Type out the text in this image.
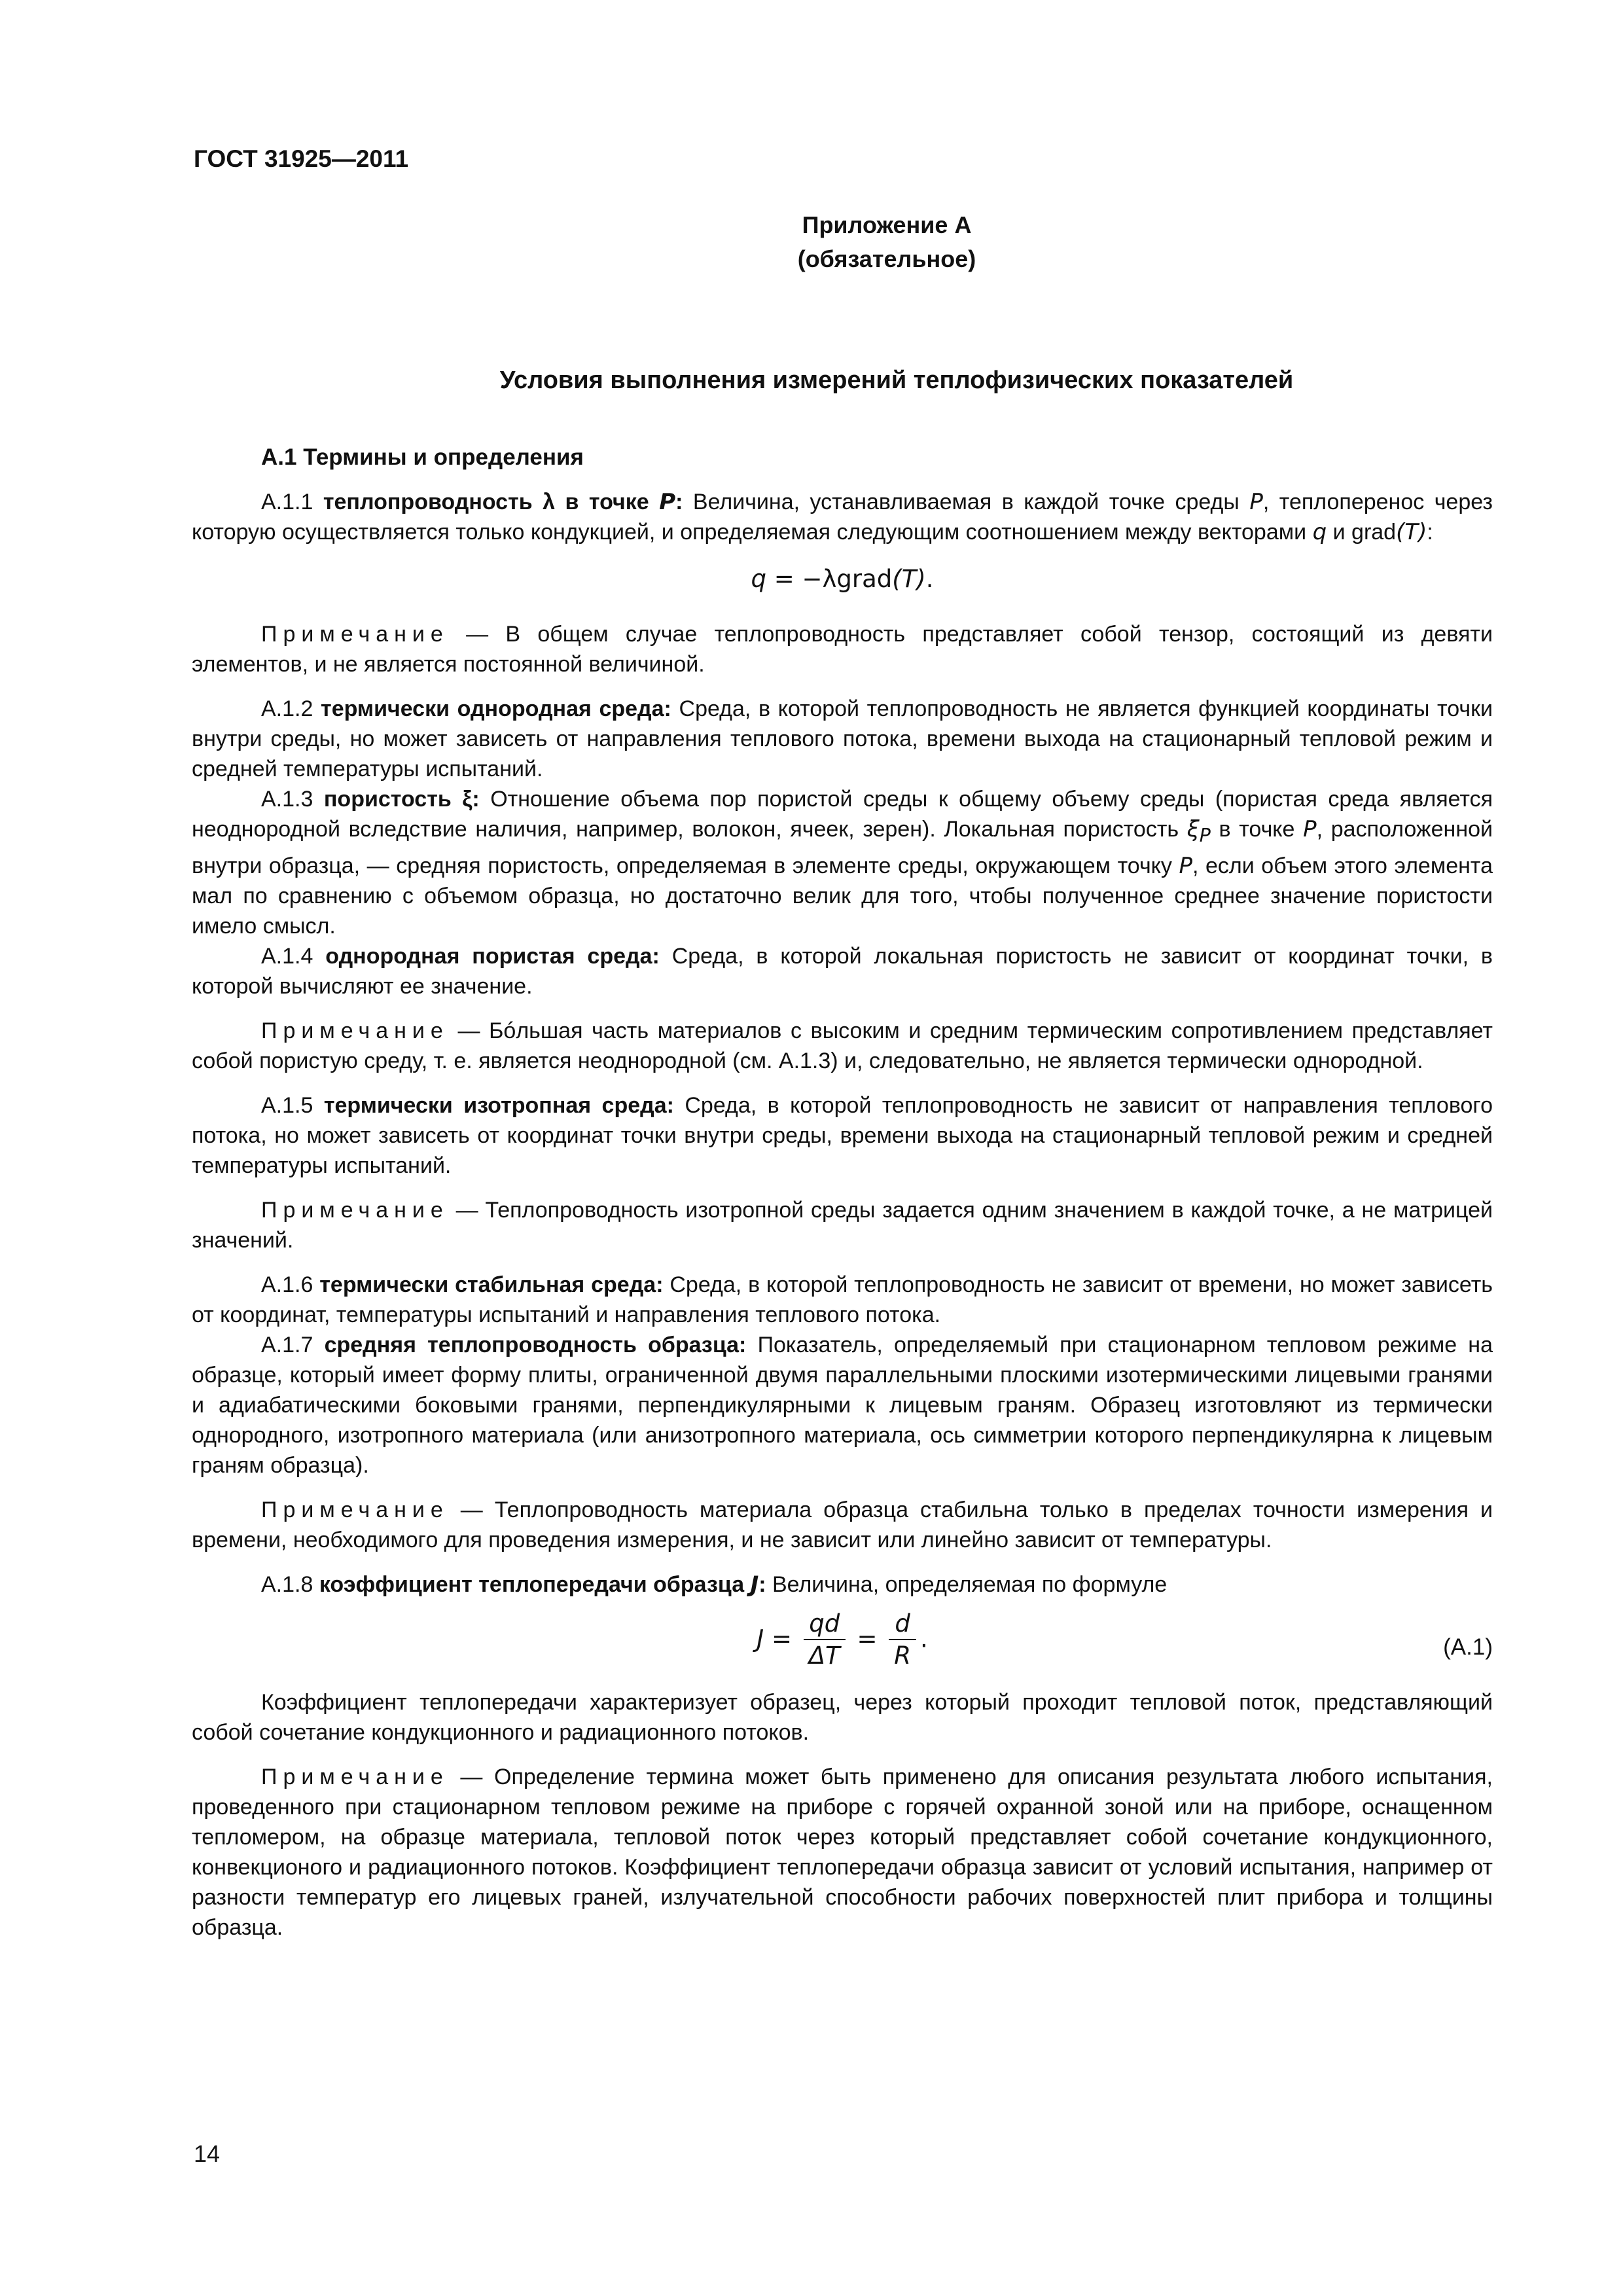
ГОСТ 31925—2011
Приложение А
(обязательное)
Условия выполнения измерений теплофизических показателей

А.1 Термины и определения

А.1.1 теплопроводность λ в точке P: Величина, устанавливаемая в каждой точке среды P, теплоперенос через которую осуществляется только кондукцией, и определяемая следующим соотношением между векторами q и grad(T):

q = −λgrad(T).

Примечание — В общем случае теплопроводность представляет собой тензор, состоящий из девяти элементов, и не является постоянной величиной.

А.1.2 термически однородная среда: Среда, в которой теплопроводность не является функцией координаты точки внутри среды, но может зависеть от направления теплового потока, времени выхода на стационарный тепловой режим и средней температуры испытаний.

А.1.3 пористость ξ: Отношение объема пор пористой среды к общему объему среды (пористая среда является неоднородной вследствие наличия, например, волокон, ячеек, зерен). Локальная пористость $\xi_P$ в точке P, расположенной внутри образца, — средняя пористость, определяемая в элементе среды, окружающем точку P, если объем этого элемента мал по сравнению с объемом образца, но достаточно велик для того, чтобы полученное среднее значение пористости имело смысл.

А.1.4 однородная пористая среда: Среда, в которой локальная пористость не зависит от координат точки, в которой вычисляют ее значение.

Примечание — Бóльшая часть материалов с высоким и средним термическим сопротивлением представляет собой пористую среду, т. е. является неоднородной (см. А.1.3) и, следовательно, не является термически однородной.

А.1.5 термически изотропная среда: Среда, в которой теплопроводность не зависит от направления теплового потока, но может зависеть от координат точки внутри среды, времени выхода на стационарный тепловой режим и средней температуры испытаний.

Примечание — Теплопроводность изотропной среды задается одним значением в каждой точке, а не матрицей значений.

А.1.6 термически стабильная среда: Среда, в которой теплопроводность не зависит от времени, но может зависеть от координат, температуры испытаний и направления теплового потока.

А.1.7 средняя теплопроводность образца: Показатель, определяемый при стационарном тепловом режиме на образце, который имеет форму плиты, ограниченной двумя параллельными плоскими изотермическими лицевыми гранями и адиабатическими боковыми гранями, перпендикулярными к лицевым граням. Образец изготовляют из термически однородного, изотропного материала (или анизотропного материала, ось симметрии которого перпендикулярна к лицевым граням образца).

Примечание — Теплопроводность материала образца стабильна только в пределах точности измерения и времени, необходимого для проведения измерения, и не зависит или линейно зависит от температуры.

А.1.8 коэффициент теплопередачи образца J: Величина, определяемая по формуле

$J = \frac{qd}{\Delta T} = \frac{d}{R}$ .	(А.1)

Коэффициент теплопередачи характеризует образец, через который проходит тепловой поток, представляющий собой сочетание кондукционного и радиационного потоков.

Примечание — Определение термина может быть применено для описания результата любого испытания, проведенного при стационарном тепловом режиме на приборе с горячей охранной зоной или на приборе, оснащенном тепломером, на образце материала, тепловой поток через который представляет собой сочетание кондукционного, конвекционого и радиационного потоков. Коэффициент теплопередачи образца зависит от условий испытания, например от разности температур его лицевых граней, излучательной способности рабочих поверхностей плит прибора и толщины образца.

14
